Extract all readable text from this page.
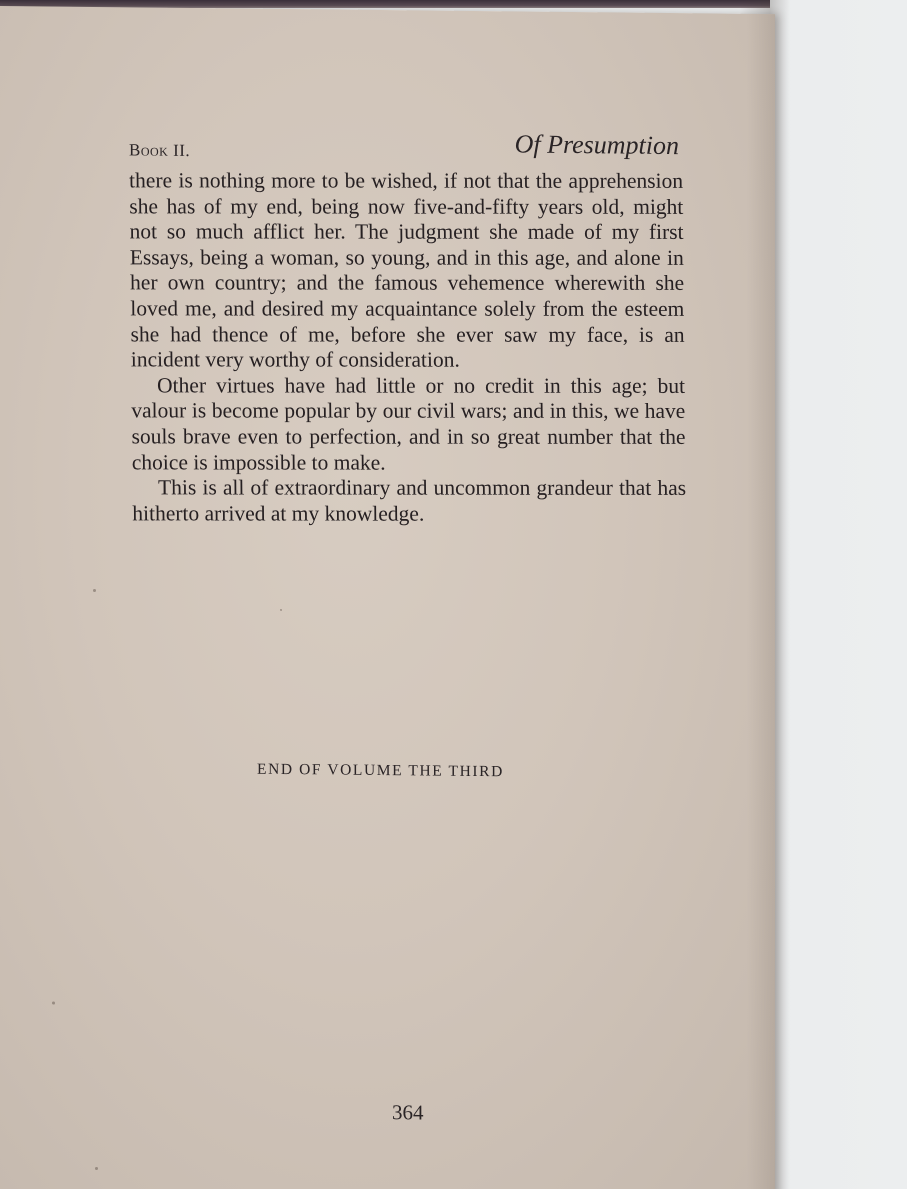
Book II.	Of Presumption

there is nothing more to be wished, if not that the apprehension she has of my end, being now five-and-fifty years old, might not so much afflict her. The judgment she made of my first Essays, being a woman, so young, and in this age, and alone in her own country; and the famous vehemence wherewith she loved me, and desired my acquaintance solely from the esteem she had thence of me, before she ever saw my face, is an incident very worthy of consideration.

Other virtues have had little or no credit in this age; but valour is become popular by our civil wars; and in this, we have souls brave even to perfection, and in so great number that the choice is impossible to make.

This is all of extraordinary and uncommon grandeur that has hitherto arrived at my knowledge.

END OF VOLUME THE THIRD
364
